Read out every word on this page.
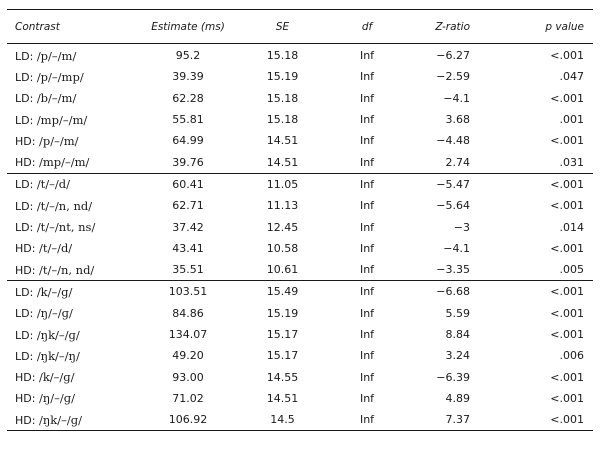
Contrast	Estimate (ms)	SE	df	Z-ratio	p value
LD: /p/–/m/	95.2	15.18	Inf	−6.27	<.001
LD: /p/–/mp/	39.39	15.19	Inf	−2.59	.047
LD: /b/–/m/	62.28	15.18	Inf	−4.1	<.001
LD: /mp/–/m/	55.81	15.18	Inf	3.68	.001
HD: /p/–/m/	64.99	14.51	Inf	−4.48	<.001
HD: /mp/–/m/	39.76	14.51	Inf	2.74	.031
LD: /t/–/d/	60.41	11.05	Inf	−5.47	<.001
LD: /t/–/n, nd/	62.71	11.13	Inf	−5.64	<.001
LD: /t/–/nt, ns/	37.42	12.45	Inf	−3	.014
HD: /t/–/d/	43.41	10.58	Inf	−4.1	<.001
HD: /t/–/n, nd/	35.51	10.61	Inf	−3.35	.005
LD: /k/–/ɡ/	103.51	15.49	Inf	−6.68	<.001
LD: /ŋ/–/ɡ/	84.86	15.19	Inf	5.59	<.001
LD: /ŋk/–/ɡ/	134.07	15.17	Inf	8.84	<.001
LD: /ŋk/–/ŋ/	49.20	15.17	Inf	3.24	.006
HD: /k/–/ɡ/	93.00	14.55	Inf	−6.39	<.001
HD: /ŋ/–/ɡ/	71.02	14.51	Inf	4.89	<.001
HD: /ŋk/–/ɡ/	106.92	14.5	Inf	7.37	<.001
